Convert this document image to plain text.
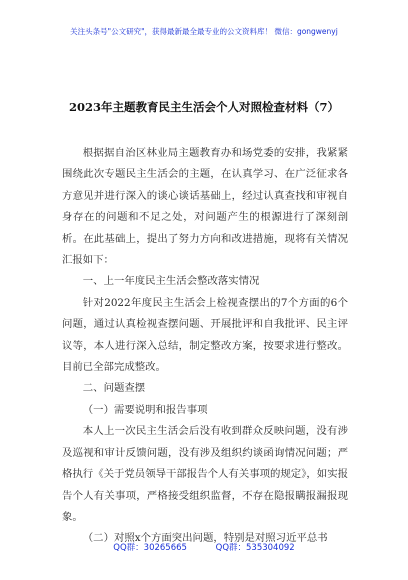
关注头条号"公文研究"，获得最新最全最专业的公文资料库！ 微信：gongwenyj
2023年主题教育民主生活会个人对照检查材料（7）

根据据自治区林业局主题教育办和场党委的安排，我紧紧围绕此次专题民主生活会的主题，在认真学习、在广泛征求各方意见并进行深入的谈心谈话基础上，经过认真查找和审视自身存在的问题和不足之处，对问题产生的根源进行了深刻剖析。在此基础上，提出了努力方向和改进措施，现将有关情况汇报如下：

一、上一年度民主生活会整改落实情况

针对2022年度民主生活会上检视查摆出的7个方面的6个问题，通过认真检视查摆问题、开展批评和自我批评、民主评议等，本人进行深入总结，制定整改方案，按要求进行整改。目前已全部完成整改。

二、问题查摆

（一）需要说明和报告事项

本人上一次民主生活会后没有收到群众反映问题，没有涉及巡视和审计反馈问题，没有涉及组织约谈函询情况问题；严格执行《关于党员领导干部报告个人有关事项的规定》，如实报告个人有关事项，严格接受组织监督，不存在隐报瞒报漏报现象。

（二）对照x个方面突出问题，特别是对照习近平总书

QQ群：30265665	QQ群：535304092
